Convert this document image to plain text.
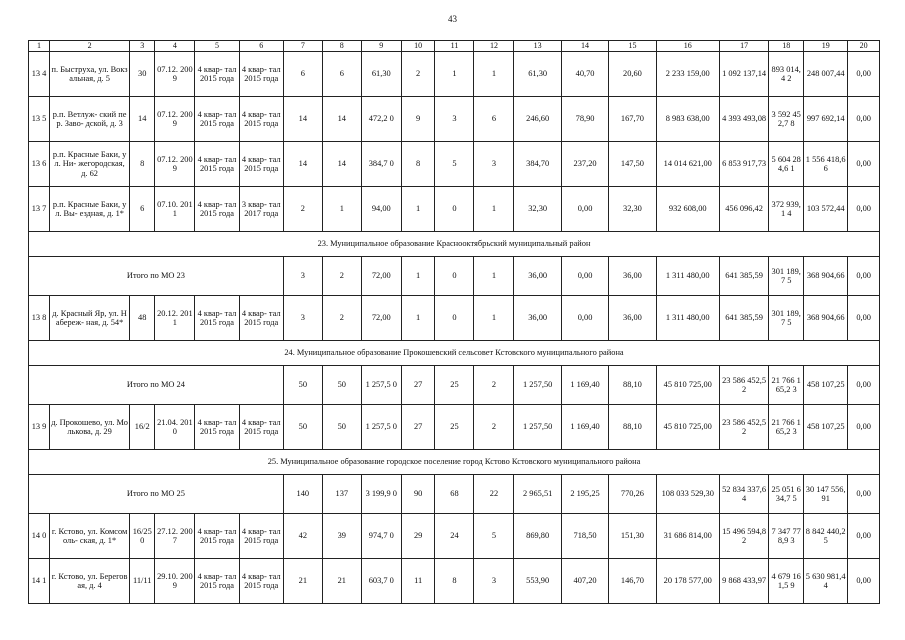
43
1	2	3	4	5	6	7	8	9	10	11	12	13	14	15	16	17	18	19	20
13 4	п. Быструха, ул. Вокзальная, д. 5	30	07.12. 2009	4 квар- тал 2015 года	4 квар- тал 2015 года	6	6	61,30	2	1	1	61,30	40,70	20,60	2 233 159,00	1 092 137,14	893 014,4 2	248 007,44	0,00
13 5	р.п. Ветлуж- ский пер. Заво- дской, д. 3	14	07.12. 2009	4 квар- тал 2015 года	4 квар- тал 2015 года	14	14	472,2 0	9	3	6	246,60	78,90	167,70	8 983 638,00	4 393 493,08	3 592 452,7 8	997 692,14	0,00
13 6	р.п. Красные Баки, ул. Ни- жегородская, д. 62	8	07.12. 2009	4 квар- тал 2015 года	4 квар- тал 2015 года	14	14	384,7 0	8	5	3	384,70	237,20	147,50	14 014 621,00	6 853 917,73	5 604 284,6 1	1 556 418,66	0,00
13 7	р.п. Красные Баки, ул. Вы- ездная, д. 1*	6	07.10. 2011	4 квар- тал 2015 года	3 квар- тал 2017 года	2	1	94,00	1	0	1	32,30	0,00	32,30	932 608,00	456 096,42	372 939,1 4	103 572,44	0,00
23. Муниципальное образование Краснооктябрьский муниципальный район																			
Итого по МО 23						3	2	72,00	1	0	1	36,00	0,00	36,00	1 311 480,00	641 385,59	301 189,7 5	368 904,66	0,00
13 8	д. Красный Яр, ул. Набереж- ная, д. 54*	48	20.12. 2011	4 квар- тал 2015 года	4 квар- тал 2015 года	3	2	72,00	1	0	1	36,00	0,00	36,00	1 311 480,00	641 385,59	301 189,7 5	368 904,66	0,00
24. Муниципальное образование Прокошевский сельсовет Кстовского муниципального района																			
Итого по МО 24						50	50	1 257,5 0	27	25	2	1 257,50	1 169,40	88,10	45 810 725,00	23 586 452,52	21 766 165,2 3	458 107,25	0,00
13 9	д. Прокошево, ул. Молькова, д. 29	16/2	21.04. 2010	4 квар- тал 2015 года	4 квар- тал 2015 года	50	50	1 257,5 0	27	25	2	1 257,50	1 169,40	88,10	45 810 725,00	23 586 452,52	21 766 165,2 3	458 107,25	0,00
25. Муниципальное образование городское поселение город Кстово Кстовского муниципального района																			
Итого по МО 25						140	137	3 199,9 0	90	68	22	2 965,51	2 195,25	770,26	108 033 529,30	52 834 337,64	25 051 634,7 5	30 147 556,91	0,00
14 0	г. Кстово, ул. Комсомоль- ская, д. 1*	16/25 0	27.12. 2007	4 квар- тал 2015 года	4 квар- тал 2015 года	42	39	974,7 0	29	24	5	869,80	718,50	151,30	31 686 814,00	15 496 594,82	7 347 778,9 3	8 842 440,25	0,00
14 1	г. Кстово, ул. Береговая, д. 4	11/11	29.10. 2009	4 квар- тал 2015 года	4 квар- тал 2015 года	21	21	603,7 0	11	8	3	553,90	407,20	146,70	20 178 577,00	9 868 433,97	4 679 161,5 9	5 630 981,44	0,00
